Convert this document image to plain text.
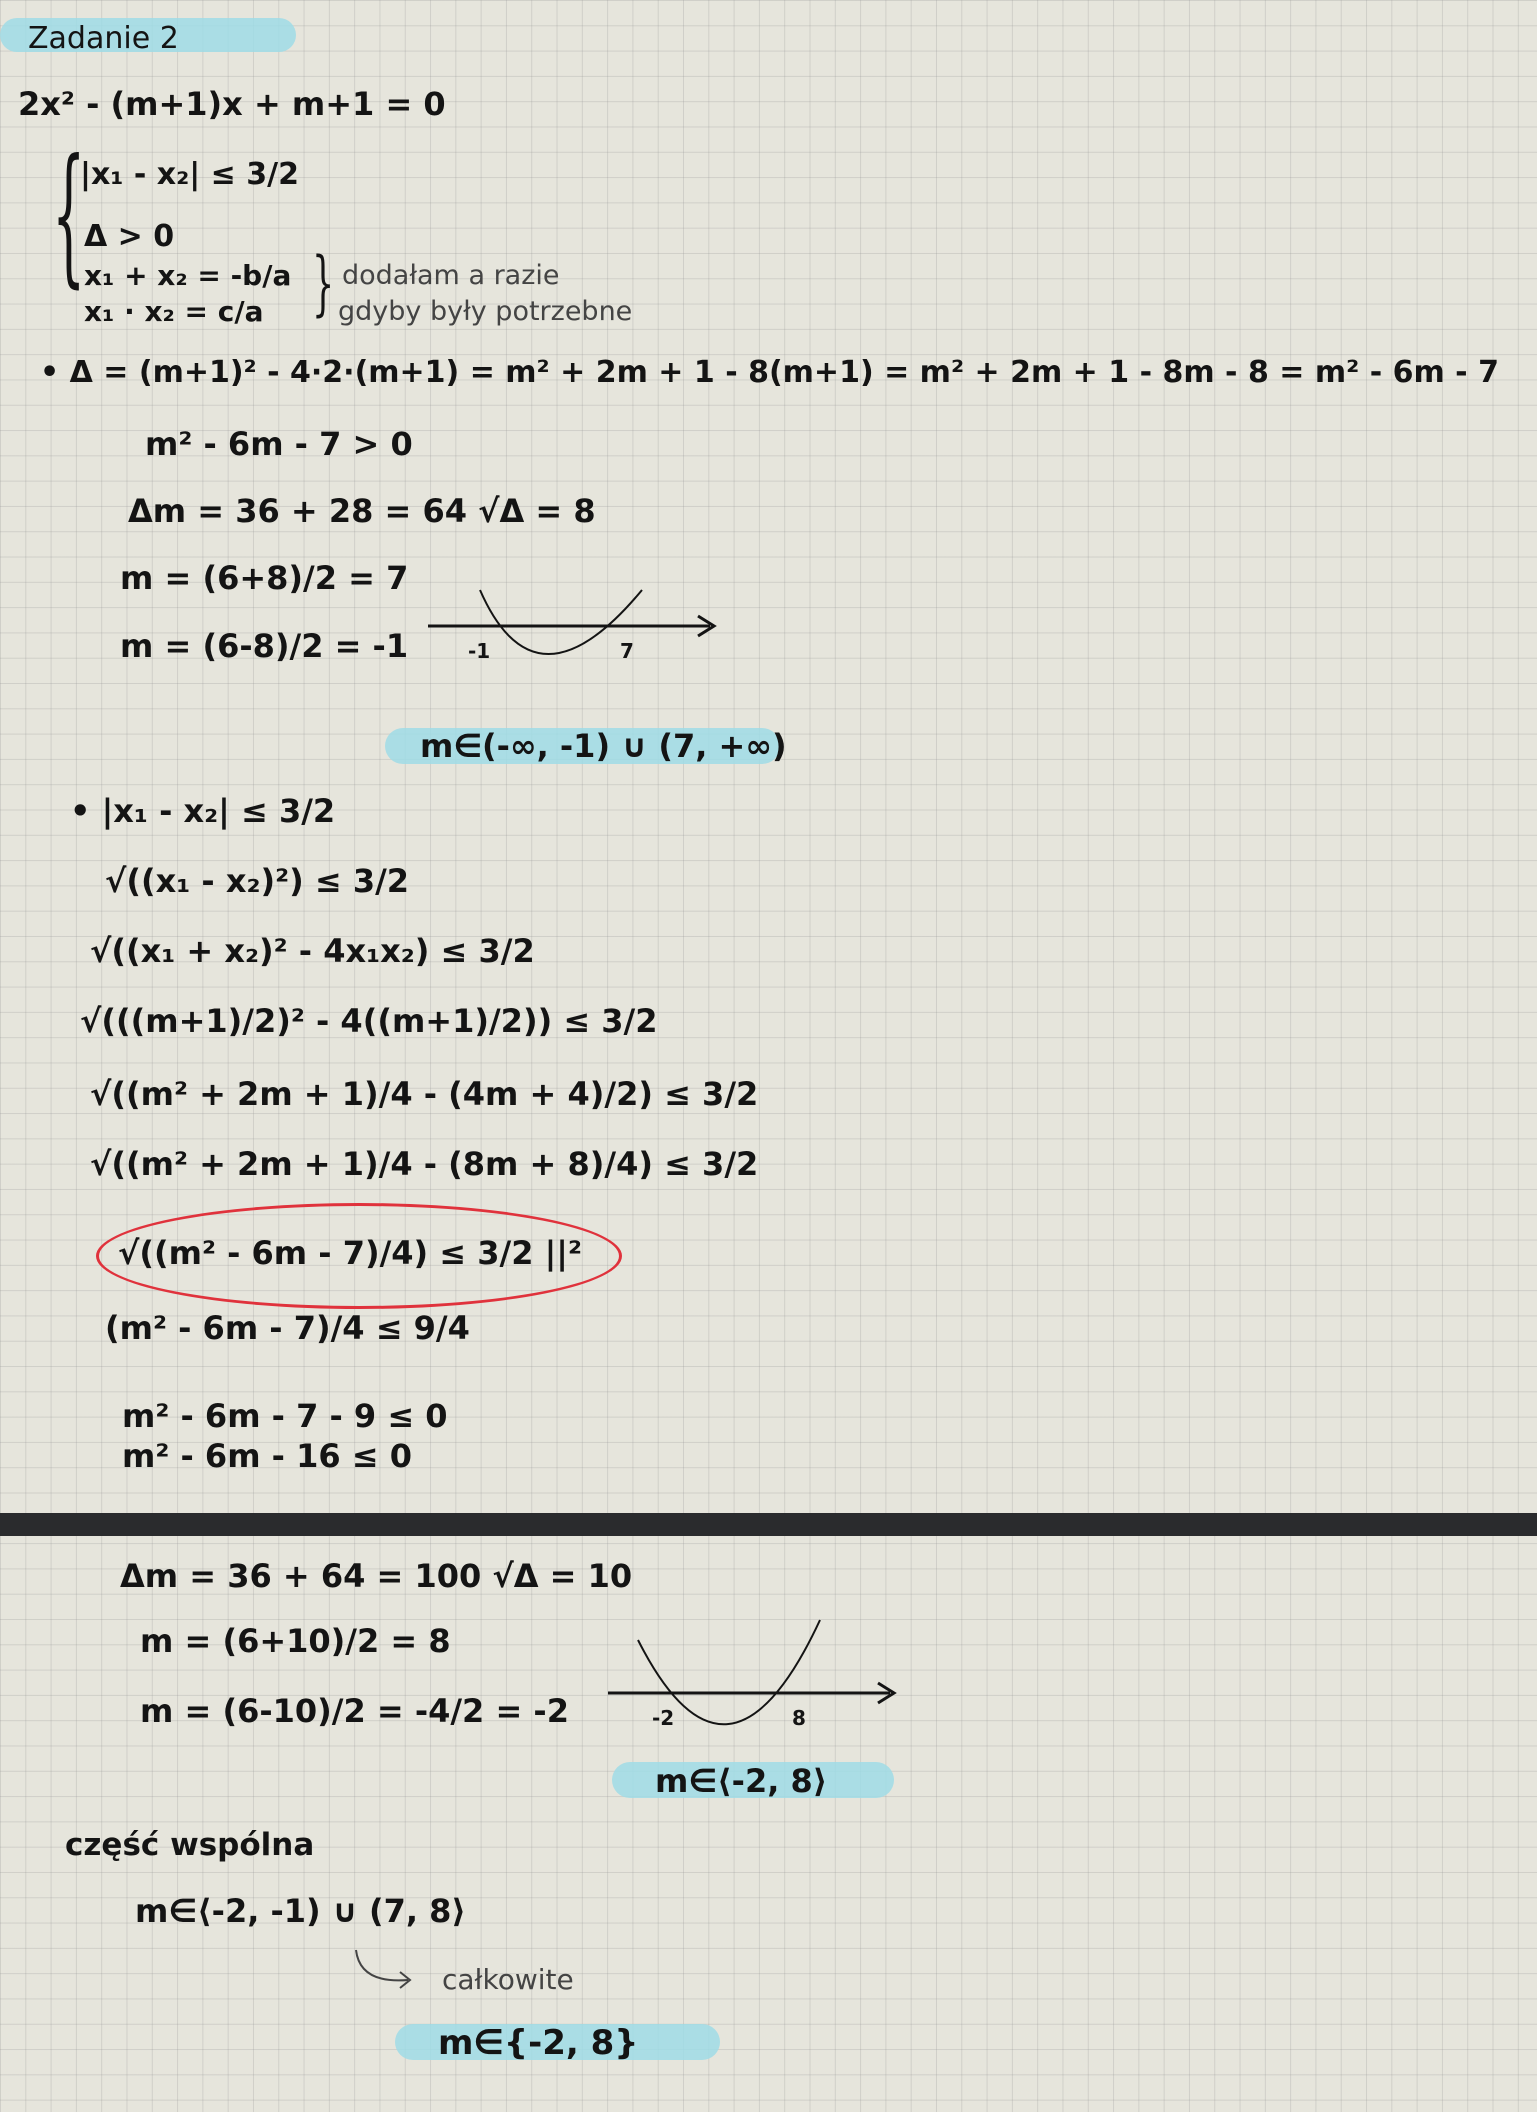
Zadanie 2
2x² - (m+1)x + m+1 = 0
{
|x₁ - x₂| ≤ 3/2
Δ > 0
x₁ + x₂ = -b/a
x₁ · x₂ = c/a } dodałam a razie
gdyby były potrzebne
• Δ = (m+1)² - 4·2·(m+1) = m² + 2m + 1 - 8(m+1) = m² + 2m + 1 - 8m - 8 = m² - 6m - 7
m² - 6m - 7 > 0
Δm = 36 + 28 = 64 √Δ = 8
m = (6+8)/2 = 7
m = (6-8)/2 = -1	-1	7
m∈(-∞, -1) ∪ (7, +∞)
• |x₁ - x₂| ≤ 3/2
√((x₁ - x₂)²) ≤ 3/2
√((x₁ + x₂)² - 4x₁x₂) ≤ 3/2
√(((m+1)/2)² - 4((m+1)/2)) ≤ 3/2
√((m² + 2m + 1)/4 - (4m + 4)/2) ≤ 3/2
√((m² + 2m + 1)/4 - (8m + 8)/4) ≤ 3/2
√((m² - 6m - 7)/4) ≤ 3/2 ||²
(m² - 6m - 7)/4 ≤ 9/4
m² - 6m - 7 - 9 ≤ 0
m² - 6m - 16 ≤ 0
Δm = 36 + 64 = 100 √Δ = 10
m = (6+10)/2 = 8
m = (6-10)/2 = -4/2 = -2	-2	8
m∈⟨-2, 8⟩
część wspólna
m∈⟨-2, -1) ∪ (7, 8⟩
całkowite
m∈{-2, 8}
